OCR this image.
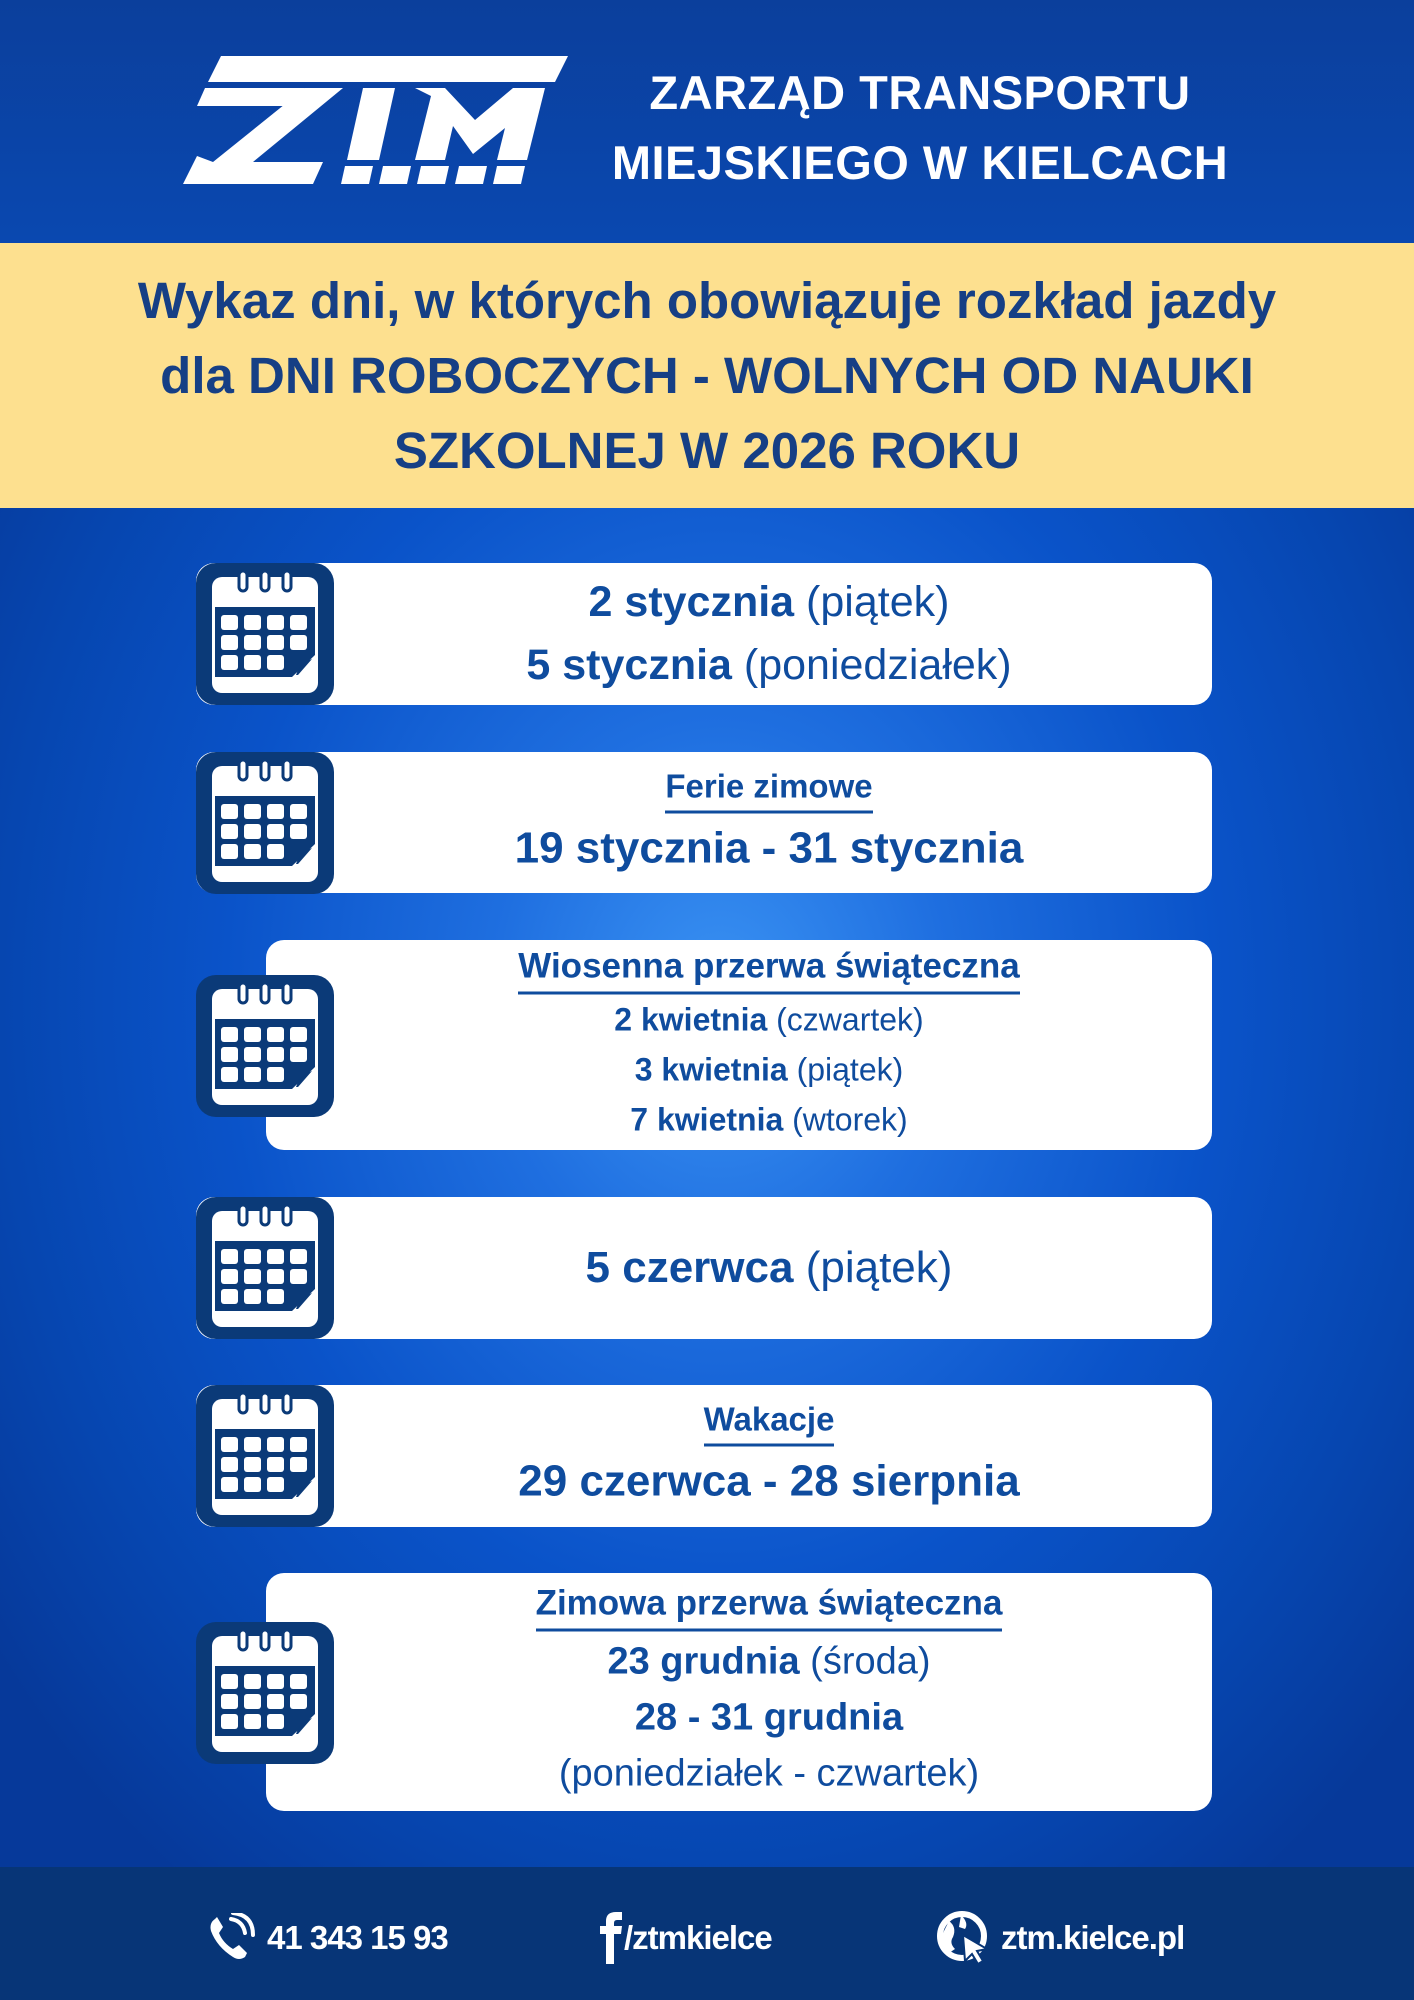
ZARZĄD TRANSPORTU
MIEJSKIEGO W KIELCACH
Wykaz dni, w których obowiązuje rozkład jazdy
dla DNI ROBOCZYCH - WOLNYCH OD NAUKI
SZKOLNEJ W 2026 ROKU
2 stycznia (piątek)
5 stycznia (poniedziałek)
Ferie zimowe
19 stycznia - 31 stycznia
Wiosenna przerwa świąteczna
2 kwietnia (czwartek)
3 kwietnia (piątek)
7 kwietnia (wtorek)
5 czerwca (piątek)
Wakacje
29 czerwca - 28 sierpnia
Zimowa przerwa świąteczna
23 grudnia (środa)
28 - 31 grudnia
(poniedziałek - czwartek)
41 343 15 93	/ztmkielce	ztm.kielce.pl
